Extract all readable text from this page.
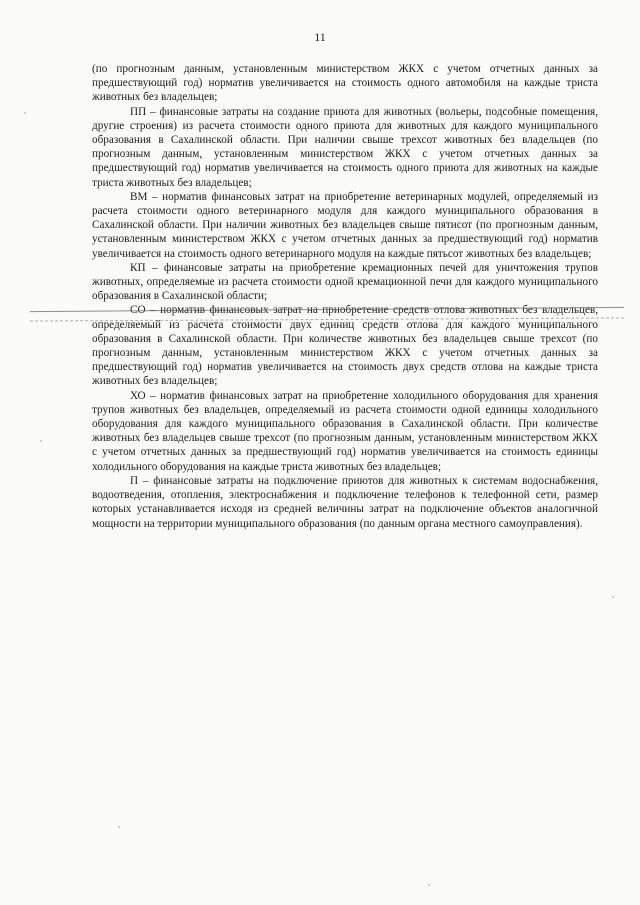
11

(по прогнозным данным, установленным министерством ЖКХ с учетом отчетных данных за предшествующий год) норматив увеличивается на стоимость одного автомобиля на каждые триста животных без владельцев;

ПП – финансовые затраты на создание приюта для животных (вольеры, подсобные помещения, другие строения) из расчета стоимости одного приюта для животных для каждого муниципального образования в Сахалинской области. При наличии свыше трехсот животных без владельцев (по прогнозным данным, установленным министерством ЖКХ с учетом отчетных данных за предшествующий год) норматив увеличивается на стоимость одного приюта для животных на каждые триста животных без владельцев;

ВМ – норматив финансовых затрат на приобретение ветеринарных модулей, определяемый из расчета стоимости одного ветеринарного модуля для каждого муниципального образования в Сахалинской области. При наличии животных без владельцев свыше пятисот (по прогнозным данным, установленным министерством ЖКХ с учетом отчетных данных за предшествующий год) норматив увеличивается на стоимость одного ветеринарного модуля на каждые пятьсот животных без владельцев;

КП – финансовые затраты на приобретение кремационных печей для уничтожения трупов животных, определяемые из расчета стоимости одной кремационной печи для каждого муниципального образования в Сахалинской области;

СО – норматив финансовых затрат на приобретение средств отлова животных без владельцев, определяемый из расчета стоимости двух единиц средств отлова для каждого муниципального образования в Сахалинской области. При количестве животных без владельцев свыше трехсот (по прогнозным данным, установленным министерством ЖКХ с учетом отчетных данных за предшествующий год) норматив увеличивается на стоимость двух средств отлова на каждые триста животных без владельцев;

ХО – норматив финансовых затрат на приобретение холодильного оборудования для хранения трупов животных без владельцев, определяемый из расчета стоимости одной единицы холодильного оборудования для каждого муниципального образования в Сахалинской области. При количестве животных без владельцев свыше трехсот (по прогнозным данным, установленным министерством ЖКХ с учетом отчетных данных за предшествующий год) норматив увеличивается на стоимость единицы холодильного оборудования на каждые триста животных без владельцев;

П – финансовые затраты на подключение приютов для животных к системам водоснабжения, водоотведения, отопления, электроснабжения и подключение телефонов к телефонной сети, размер которых устанавливается исходя из средней величины затрат на подключение объектов аналогичной мощности на территории муниципального образования (по данным органа местного самоуправления).
